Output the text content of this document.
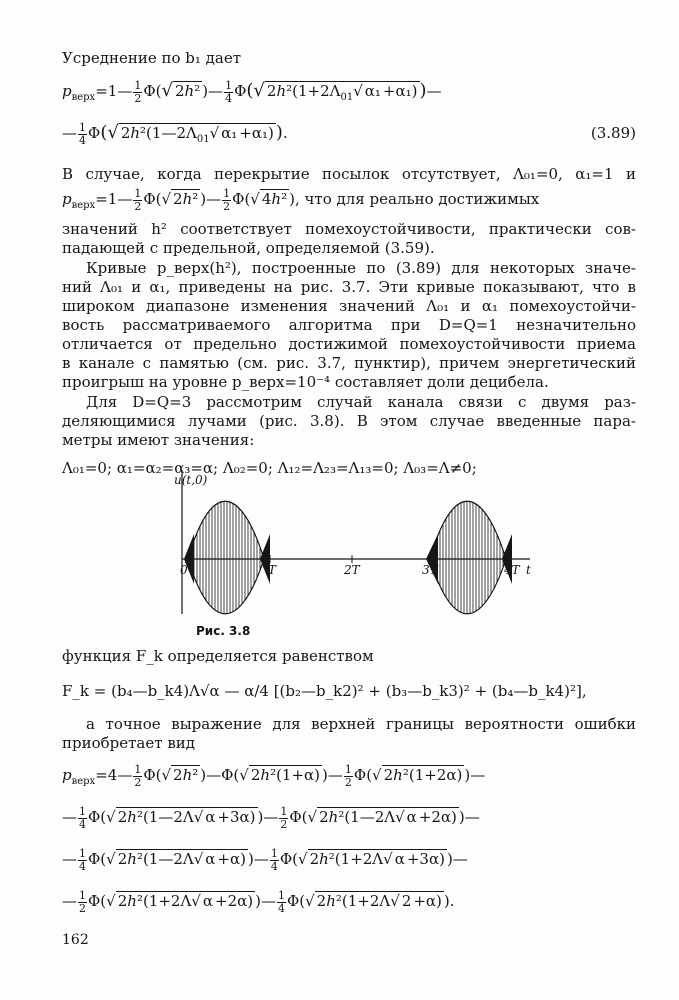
Усреднение по b₁ дает
$p_{верх}=1— \frac{1}{2} \Phi(√$ 2h² )— $\frac{1}{4} \Phi(√$ $2h^2(1+2\Lambda_{01}√$ α₁ +α₁) )—
— $\frac{1}{4} \Phi(√$ $2h^2(1—2\Lambda_{01}√$ α₁ +α₁) ).	(3.89)
В случае, когда перекрытие посылок отсутствует, Λ₀₁=0, α₁=1 и
$p_{верх}=1— \frac{1}{2} \Phi(√$ 2h² )— $\frac{1}{2} \Phi(√$ 4h² ), что для реально достижимых
значений h² соответствует помехоустойчивости, практически сов-
падающей с предельной, определяемой (3.59).
Кривые p_верх(h²), построенные по (3.89) для некоторых значе-
ний Λ₀₁ и α₁, приведены на рис. 3.7. Эти кривые показывают, что в
широком диапазоне изменения значений Λ₀₁ и α₁ помехоустойчи-
вость рассматриваемого алгоритма при D=Q=1 незначительно
отличается от предельно достижимой помехоустойчивости приема
в канале с памятью (см. рис. 3.7, пунктир), причем энергетический
проигрыш на уровне p_верх=10⁻⁴ составляет доли децибела.
Для D=Q=3 рассмотрим случай канала связи с двумя раз-
деляющимися лучами (рис. 3.8). В этом случае введенные пара-
метры имеют значения:
Λ₀₁=0; α₁=α₂=α₃=α; Λ₀₂=0; Λ₁₂=Λ₂₃=Λ₁₃=0; Λ₀₃=Λ≠0;
u(t,0)
0	T	2T	3T	4T t
Рис. 3.8
функция F_k определяется равенством
F_k = (b₄—b_k4)Λ√α — α/4 [(b₂—b_k2)² + (b₃—b_k3)² + (b₄—b_k4)²],
а точное выражение для верхней границы вероятности ошибки
приобретает вид
$p_{верх}=4— \frac{1}{2} \Phi(√$ 2h² )—Φ(√ 2h²(1+α) )— $\frac{1}{2} \Phi(√$ 2h²(1+2α) )—
— $\frac{1}{4} \Phi(√$ 2h²(1—2Λ√ α +3α) )— $\frac{1}{2} \Phi(√$ 2h²(1—2Λ√ α +2α) )—
— $\frac{1}{4} \Phi(√$ 2h²(1—2Λ√ α +α) )— $\frac{1}{4} \Phi(√$ 2h²(1+2Λ√ α +3α) )—
— $\frac{1}{2} \Phi(√$ 2h²(1+2Λ√ α +2α) )— $\frac{1}{4} \Phi(√$ 2h²(1+2Λ√ 2 +α) ).
162
